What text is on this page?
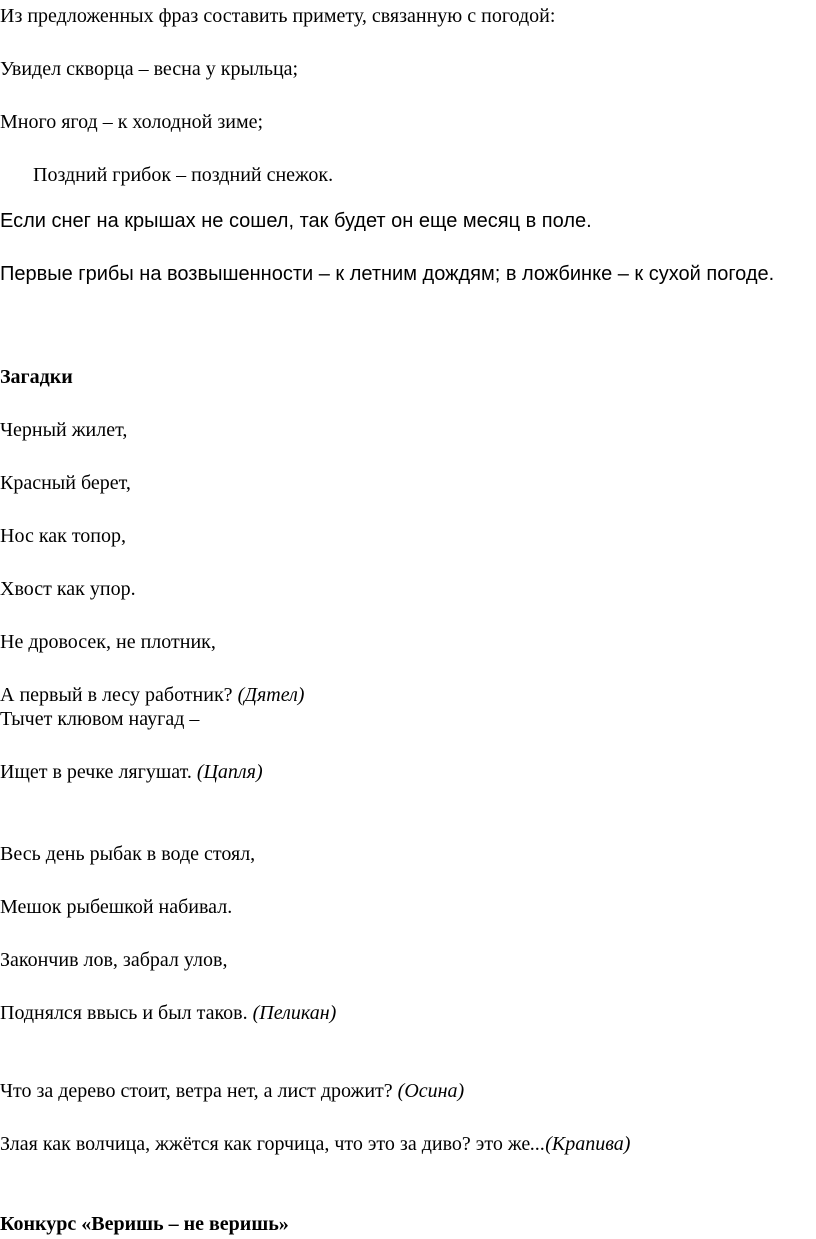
Из предложенных фраз составить примету, связанную с погодой:
Увидел скворца – весна у крыльца;
Много ягод – к холодной зиме;
Поздний грибок – поздний снежок.
Если снег на крышах не сошел, так будет он еще месяц в поле.
Первые грибы на возвышенности – к летним дождям; в ложбинке – к сухой погоде.
Загадки
Черный жилет,
Красный берет,
Нос как топор,
Хвост как упор.
Не дровосек, не плотник,
А первый в лесу работник? (Дятел)
Тычет клювом наугад –
Ищет в речке лягушат. (Цапля)
Весь день рыбак в воде стоял,
Мешок рыбешкой набивал.
Закончив лов, забрал улов,
Поднялся ввысь и был таков. (Пеликан)
Что за дерево стоит, ветра нет, а лист дрожит? (Осина)
Злая как волчица, жжётся как горчица, что это за диво? это же...(Крапива)
Конкурс «Веришь – не веришь»
